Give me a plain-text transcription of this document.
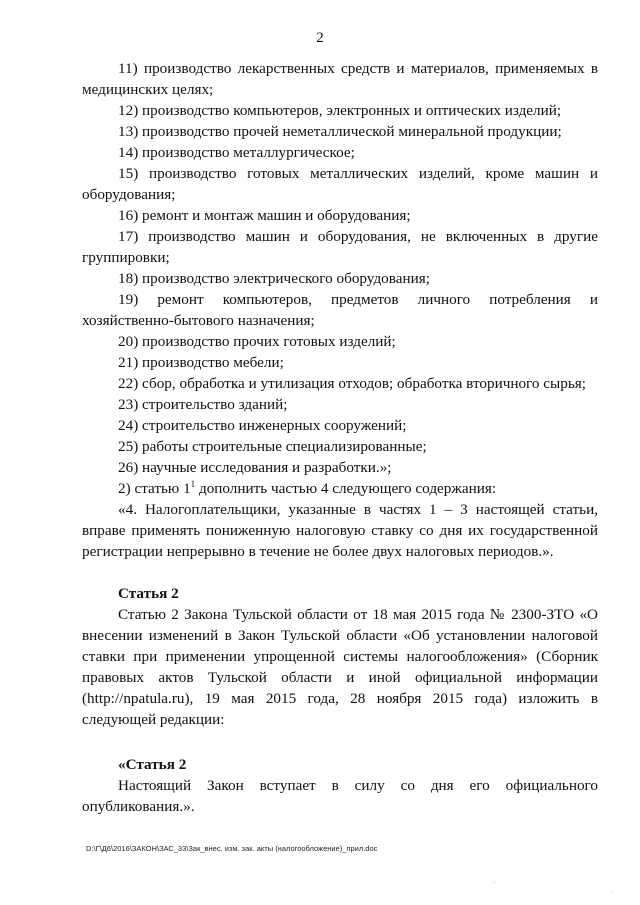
2

11) производство лекарственных средств и материалов, применяемых в медицинских целях;

12) производство компьютеров, электронных и оптических изделий;

13) производство прочей неметаллической минеральной продукции;

14) производство металлургическое;

15) производство готовых металлических изделий, кроме машин и оборудования;

16) ремонт и монтаж машин и оборудования;

17) производство машин и оборудования, не включенных в другие группировки;

18) производство электрического оборудования;

19) ремонт компьютеров, предметов личного потребления и хозяйственно-бытового назначения;

20) производство прочих готовых изделий;

21) производство мебели;

22) сбор, обработка и утилизация отходов; обработка вторичного сырья;

23) строительство зданий;

24) строительство инженерных сооружений;

25) работы строительные специализированные;

26) научные исследования и разработки.»;

2) статью $1^1$ дополнить частью 4 следующего содержания:

«4. Налогоплательщики, указанные в частях 1 – 3 настоящей статьи, вправе применять пониженную налоговую ставку со дня их государственной регистрации непрерывно в течение не более двух налоговых периодов.».

Статья 2

Статью 2 Закона Тульской области от 18 мая 2015 года № 2300-ЗТО «О внесении изменений в Закон Тульской области «Об установлении налоговой ставки при применении упрощенной системы налогообложения» (Сборник правовых актов Тульской области и иной официальной информации (http://npatula.ru), 19 мая 2015 года, 28 ноября 2015 года) изложить в следующей редакции:

«Статья 2

Настоящий Закон вступает в силу со дня его официального опубликования.».

D:\Г\Д6\2016\ЗАКОН\ЗАС_33\Зак_внес. изм. зак. акты (налогообложение)_прил.doc
